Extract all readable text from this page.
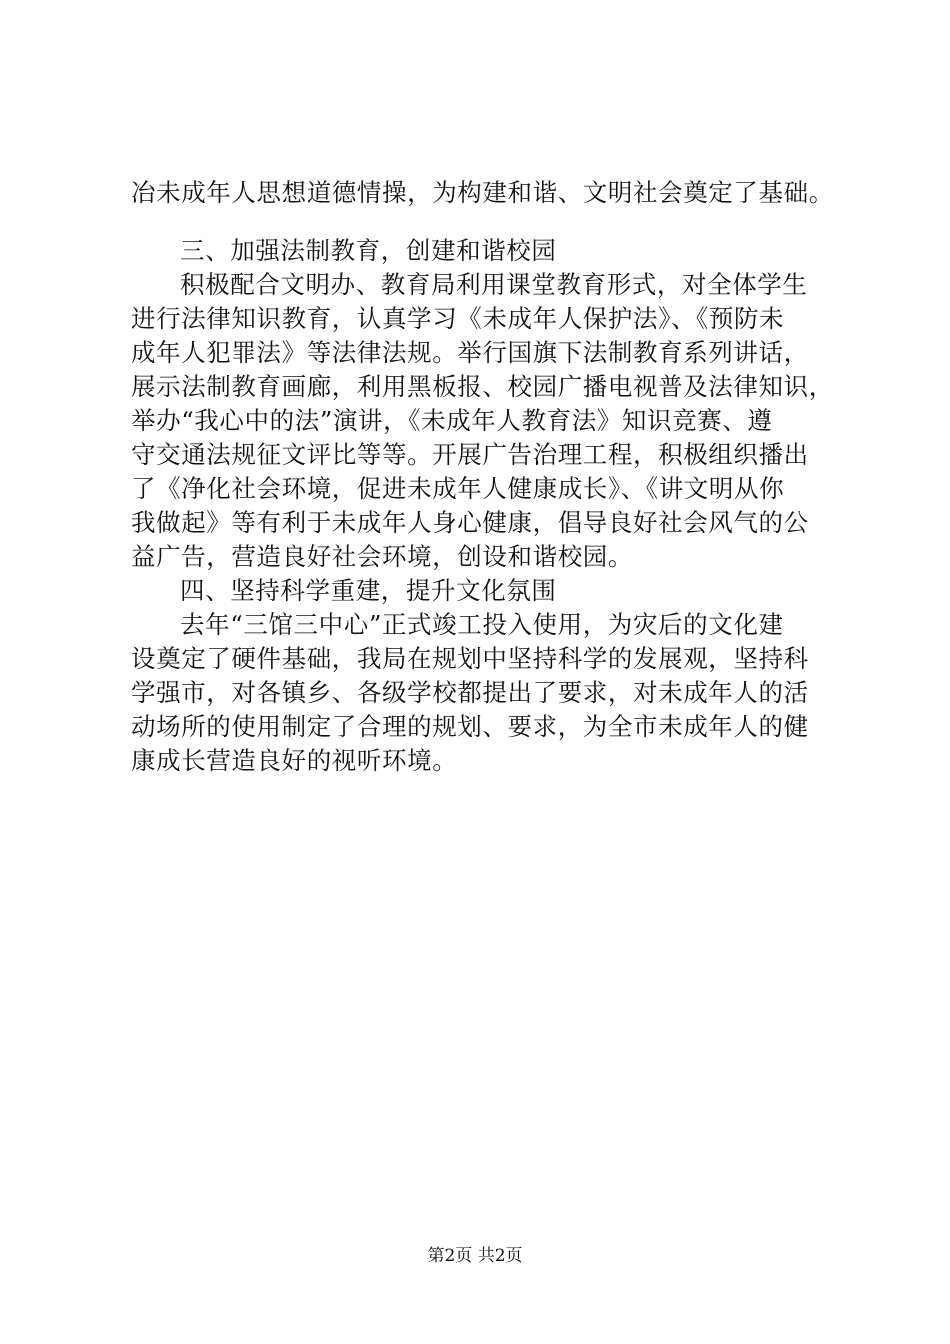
冶未成年人思想道德情操，为构建和谐、文明社会奠定了基础。
三、加强法制教育，创建和谐校园
积极配合文明办、教育局利用课堂教育形式，对全体学生
进行法律知识教育，认真学习《未成年人保护法》、《预防未
成年人犯罪法》等法律法规。举行国旗下法制教育系列讲话，
展示法制教育画廊，利用黑板报、校园广播电视普及法律知识，
举办“我心中的法”演讲，《未成年人教育法》知识竞赛、遵
守交通法规征文评比等等。开展广告治理工程，积极组织播出
了《净化社会环境，促进未成年人健康成长》、《讲文明从你
我做起》等有利于未成年人身心健康，倡导良好社会风气的公
益广告，营造良好社会环境，创设和谐校园。
四、坚持科学重建，提升文化氛围
去年“三馆三中心”正式竣工投入使用，为灾后的文化建
设奠定了硬件基础，我局在规划中坚持科学的发展观，坚持科
学强市，对各镇乡、各级学校都提出了要求，对未成年人的活
动场所的使用制定了合理的规划、要求，为全市未成年人的健
康成长营造良好的视听环境。
第2页 共2页
